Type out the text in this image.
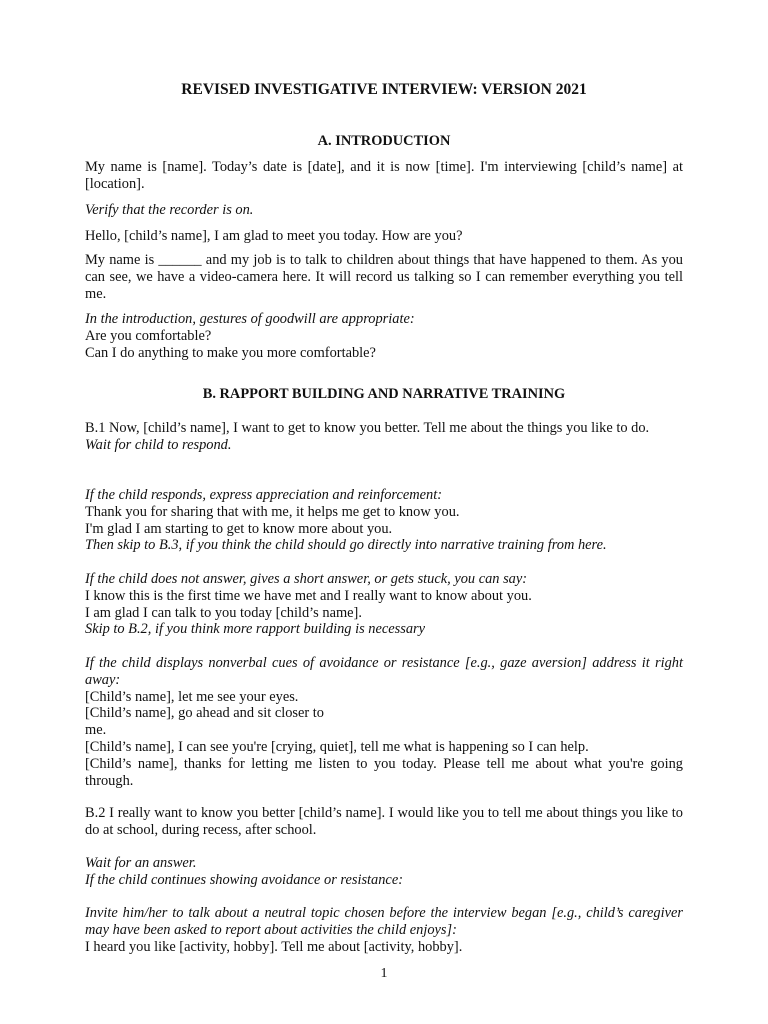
REVISED INVESTIGATIVE INTERVIEW: VERSION 2021
A. INTRODUCTION
My name is [name]. Today’s date is [date], and it is now [time]. I'm interviewing [child’s name] at [location].
Verify that the recorder is on.
Hello, [child’s name], I am glad to meet you today. How are you?
My name is ______ and my job is to talk to children about things that have happened to them. As you can see, we have a video-camera here. It will record us talking so I can remember everything you tell me.
In the introduction, gestures of goodwill are appropriate:
Are you comfortable?
Can I do anything to make you more comfortable?
B. RAPPORT BUILDING AND NARRATIVE TRAINING
B.1 Now, [child’s name], I want to get to know you better. Tell me about the things you like to do.
Wait for child to respond.
If the child responds, express appreciation and reinforcement:
Thank you for sharing that with me, it helps me get to know you.
I'm glad I am starting to get to know more about you.
Then skip to B.3, if you think the child should go directly into narrative training from here.
If the child does not answer, gives a short answer, or gets stuck, you can say:
I know this is the first time we have met and I really want to know about you.
I am glad I can talk to you today [child’s name].
Skip to B.2, if you think more rapport building is necessary
If the child displays nonverbal cues of avoidance or resistance [e.g., gaze aversion] address it right away:
[Child’s name], let me see your eyes.
[Child’s name], go ahead and sit closer to
me.
[Child’s name], I can see you're [crying, quiet], tell me what is happening so I can help.
[Child’s name], thanks for letting me listen to you today. Please tell me about what you're going through.
B.2 I really want to know you better [child’s name]. I would like you to tell me about things you like to do at school, during recess, after school.
Wait for an answer.
If the child continues showing avoidance or resistance:
Invite him/her to talk about a neutral topic chosen before the interview began [e.g., child’s caregiver may have been asked to report about activities the child enjoys]:
I heard you like [activity, hobby]. Tell me about [activity, hobby].
1
